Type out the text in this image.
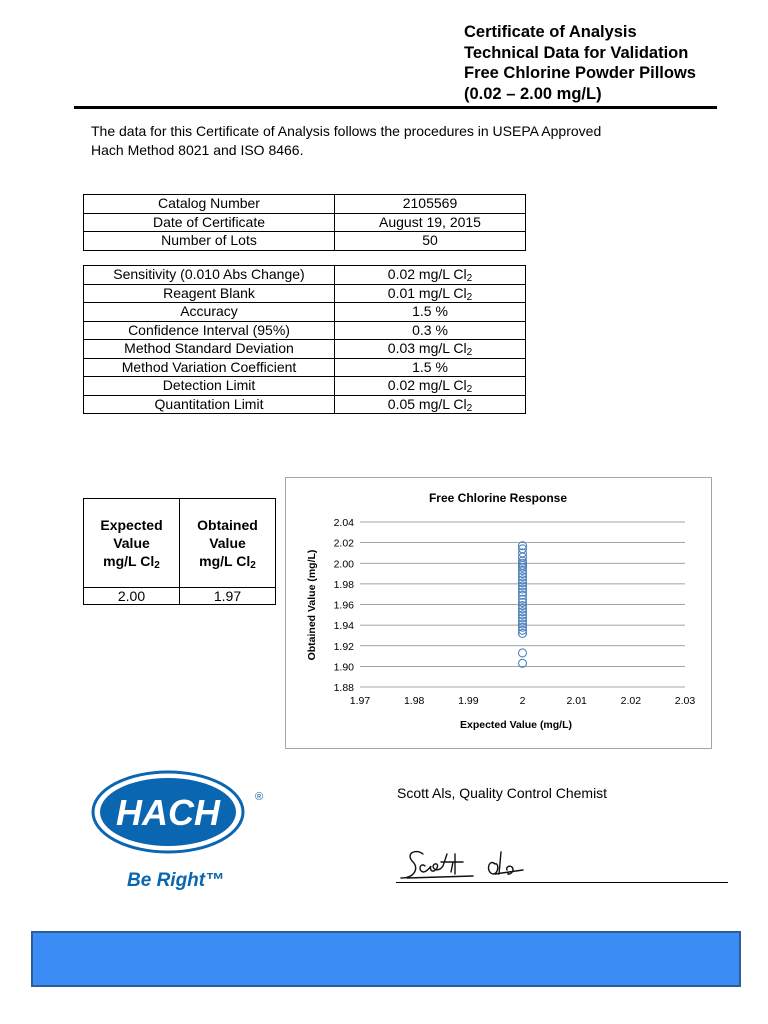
Certificate of Analysis
Technical Data for Validation
Free Chlorine Powder Pillows
(0.02 – 2.00 mg/L)
The data for this Certificate of Analysis follows the procedures in USEPA Approved
Hach Method 8021 and ISO 8466.
Catalog Number	2105569
Date of Certificate	August 19, 2015
Number of Lots	50
Sensitivity (0.010 Abs Change)	0.02 mg/L $Cl_2$
Reagent Blank	0.01 mg/L $Cl_2$
Accuracy	1.5 %
Confidence Interval (95%)	0.3 %
Method Standard Deviation	0.03 mg/L $Cl_2$
Method Variation Coefficient	1.5 %
Detection Limit	0.02 mg/L $Cl_2$
Quantitation Limit	0.05 mg/L $Cl_2$
Expected
Value
mg/L $Cl_2$	Obtained
Value
mg/L $Cl_2$

2.00	1.97
Free Chlorine Response
1.88
1.90
1.92
1.94
1.96
1.98
2.00
2.02
2.04
1.97	1.98	1.99	2	2.01	2.02	2.03
Expected Value (mg/L)
Obtained Value (mg/L)
HACH	®
Be Right™
Scott Als, Quality Control Chemist
